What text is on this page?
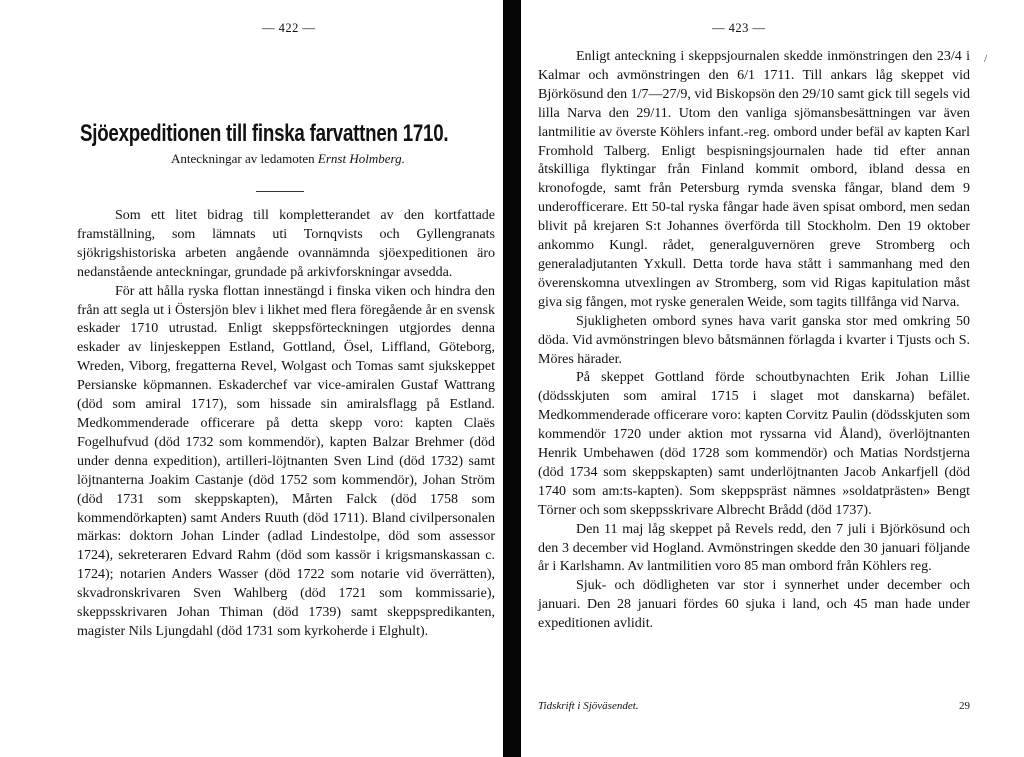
— 422 —
Sjöexpeditionen till finska farvattnen 1710.
Anteckningar av ledamoten Ernst Holmberg.

Som ett litet bidrag till kompletterandet av den kortfattade framställning, som lämnats uti Tornqvists och Gyllengranats sjökrigshistoriska arbeten angående ovannämnda sjöexpeditionen äro nedanstående anteckningar, grundade på arkivforskningar avsedda.

För att hålla ryska flottan innestängd i finska viken och hindra den från att segla ut i Östersjön blev i likhet med flera föregående år en svensk eskader 1710 utrustad. Enligt skeppsförteckningen utgjordes denna eskader av linjeskeppen Estland, Gottland, Ösel, Liffland, Göteborg, Wreden, Viborg, fregatterna Revel, Wolgast och Tomas samt sjukskeppet Persianske köpmannen. Eskaderchef var vice-amiralen Gustaf Wattrang (död som amiral 1717), som hissade sin amiralsflagg på Estland. Medkommenderade officerare på detta skepp voro: kapten Claës Fogelhufvud (död 1732 som kommendör), kapten Balzar Brehmer (död under denna expedition), artilleri-löjtnanten Sven Lind (död 1732) samt löjtnanterna Joakim Castanje (död 1752 som kommendör), Johan Ström (död 1731 som skeppskapten), Mårten Falck (död 1758 som kommendörkapten) samt Anders Ruuth (död 1711). Bland civilpersonalen märkas: doktorn Johan Linder (adlad Lindestolpe, död som assessor 1724), sekreteraren Edvard Rahm (död som kassör i krigsmanskassan c. 1724); notarien Anders Wasser (död 1722 som notarie vid överrätten), skvadronskrivaren Sven Wahlberg (död 1721 som kommissarie), skeppsskrivaren Johan Thiman (död 1739) samt skeppspredikanten, magister Nils Ljungdahl (död 1731 som kyrkoherde i Elghult).

— 423 —
/

Enligt anteckning i skeppsjournalen skedde inmönstringen den 23/4 i Kalmar och avmönstringen den 6/1 1711. Till ankars låg skeppet vid Björkösund den 1/7—27/9, vid Biskopsön den 29/10 samt gick till segels vid lilla Narva den 29/11. Utom den vanliga sjömansbesättningen var även lantmilitie av överste Köhlers infant.-reg. ombord under befäl av kapten Karl Fromhold Talberg. Enligt bespisningsjournalen hade tid efter annan åtskilliga flyktingar från Finland kommit ombord, ibland dessa en kronofogde, samt från Petersburg rymda svenska fångar, bland dem 9 underofficerare. Ett 50-tal ryska fångar hade även spisat ombord, men sedan blivit på krejaren S:t Johannes överförda till Stockholm. Den 19 oktober ankommo Kungl. rådet, generalguvernören greve Stromberg och generaladjutanten Yxkull. Detta torde hava stått i sammanhang med den överenskomna utvexlingen av Stromberg, som vid Rigas kapitulation måst giva sig fången, mot ryske generalen Weide, som tagits tillfånga vid Narva.

Sjukligheten ombord synes hava varit ganska stor med omkring 50 döda. Vid avmönstringen blevo båtsmännen förlagda i kvarter i Tjusts och S. Möres härader.

På skeppet Gottland förde schoutbynachten Erik Johan Lillie (dödsskjuten som amiral 1715 i slaget mot danskarna) befälet. Medkommenderade officerare voro: kapten Corvitz Paulin (dödsskjuten som kommendör 1720 under aktion mot ryssarna vid Åland), överlöjtnanten Henrik Umbehawen (död 1728 som kommendör) och Matias Nordstjerna (död 1734 som skeppskapten) samt underlöjtnanten Jacob Ankarfjell (död 1740 som am:ts-kapten). Som skeppspräst nämnes »soldatprästen» Bengt Törner och som skeppsskrivare Albrecht Brådd (död 1737).

Den 11 maj låg skeppet på Revels redd, den 7 juli i Björkösund och den 3 december vid Hogland. Avmönstringen skedde den 30 januari följande år i Karlshamn. Av lantmilitien voro 85 man ombord från Köhlers reg.

Sjuk- och dödligheten var stor i synnerhet under december och januari. Den 28 januari fördes 60 sjuka i land, och 45 man hade under expeditionen avlidit.

Tidskrift i Sjöväsendet.	29
